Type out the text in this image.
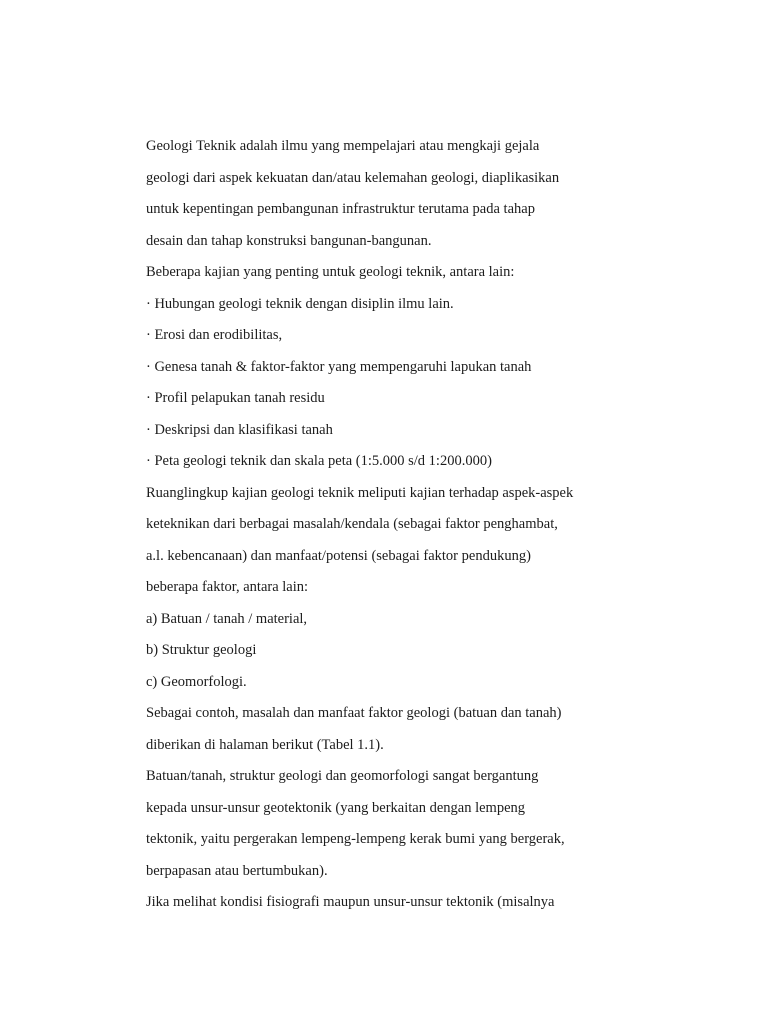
Geologi Teknik adalah ilmu yang mempelajari atau mengkaji gejala
geologi dari aspek kekuatan dan/atau kelemahan geologi, diaplikasikan
untuk kepentingan pembangunan infrastruktur terutama pada tahap
desain dan tahap konstruksi bangunan-bangunan.
Beberapa kajian yang penting untuk geologi teknik, antara lain:
· Hubungan geologi teknik dengan disiplin ilmu lain.
· Erosi dan erodibilitas,
· Genesa tanah & faktor-faktor yang mempengaruhi lapukan tanah
· Profil pelapukan tanah residu
· Deskripsi dan klasifikasi tanah
· Peta geologi teknik dan skala peta (1:5.000 s/d 1:200.000)
Ruanglingkup kajian geologi teknik meliputi kajian terhadap aspek-aspek
keteknikan dari berbagai masalah/kendala (sebagai faktor penghambat,
a.l. kebencanaan) dan manfaat/potensi (sebagai faktor pendukung)
beberapa faktor, antara lain:
a) Batuan / tanah / material,
b) Struktur geologi
c) Geomorfologi.
Sebagai contoh, masalah dan manfaat faktor geologi (batuan dan tanah)
diberikan di halaman berikut (Tabel 1.1).
Batuan/tanah, struktur geologi dan geomorfologi sangat bergantung
kepada unsur-unsur geotektonik (yang berkaitan dengan lempeng
tektonik, yaitu pergerakan lempeng-lempeng kerak bumi yang bergerak,
berpapasan atau bertumbukan).
Jika melihat kondisi fisiografi maupun unsur-unsur tektonik (misalnya
